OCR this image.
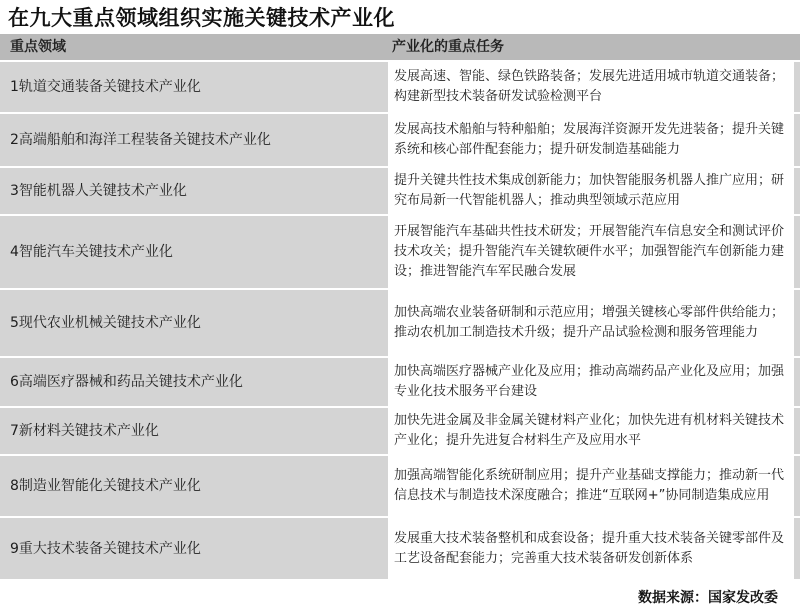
在九大重点领域组织实施关键技术产业化
重点领域	产业化的重点任务
1轨道交通装备关键技术产业化
发展高速、智能、绿色铁路装备；发展先进适用城市轨道交通装备；构建新型技术装备研发试验检测平台
2高端船舶和海洋工程装备关键技术产业化
发展高技术船舶与特种船舶；发展海洋资源开发先进装备；提升关键系统和核心部件配套能力；提升研发制造基础能力
3智能机器人关键技术产业化
提升关键共性技术集成创新能力；加快智能服务机器人推广应用；研究布局新一代智能机器人；推动典型领域示范应用
4智能汽车关键技术产业化
开展智能汽车基础共性技术研发；开展智能汽车信息安全和测试评价技术攻关；提升智能汽车关键软硬件水平；加强智能汽车创新能力建设；推进智能汽车军民融合发展
5现代农业机械关键技术产业化
加快高端农业装备研制和示范应用；增强关键核心零部件供给能力；推动农机加工制造技术升级；提升产品试验检测和服务管理能力
6高端医疗器械和药品关键技术产业化
加快高端医疗器械产业化及应用；推动高端药品产业化及应用；加强专业化技术服务平台建设
7新材料关键技术产业化
加快先进金属及非金属关键材料产业化；加快先进有机材料关键技术产业化；提升先进复合材料生产及应用水平
8制造业智能化关键技术产业化
加强高端智能化系统研制应用；提升产业基础支撑能力；推动新一代信息技术与制造技术深度融合；推进“互联网+”协同制造集成应用
9重大技术装备关键技术产业化
发展重大技术装备整机和成套设备；提升重大技术装备关键零部件及工艺设备配套能力；完善重大技术装备研发创新体系
数据来源：国家发改委
